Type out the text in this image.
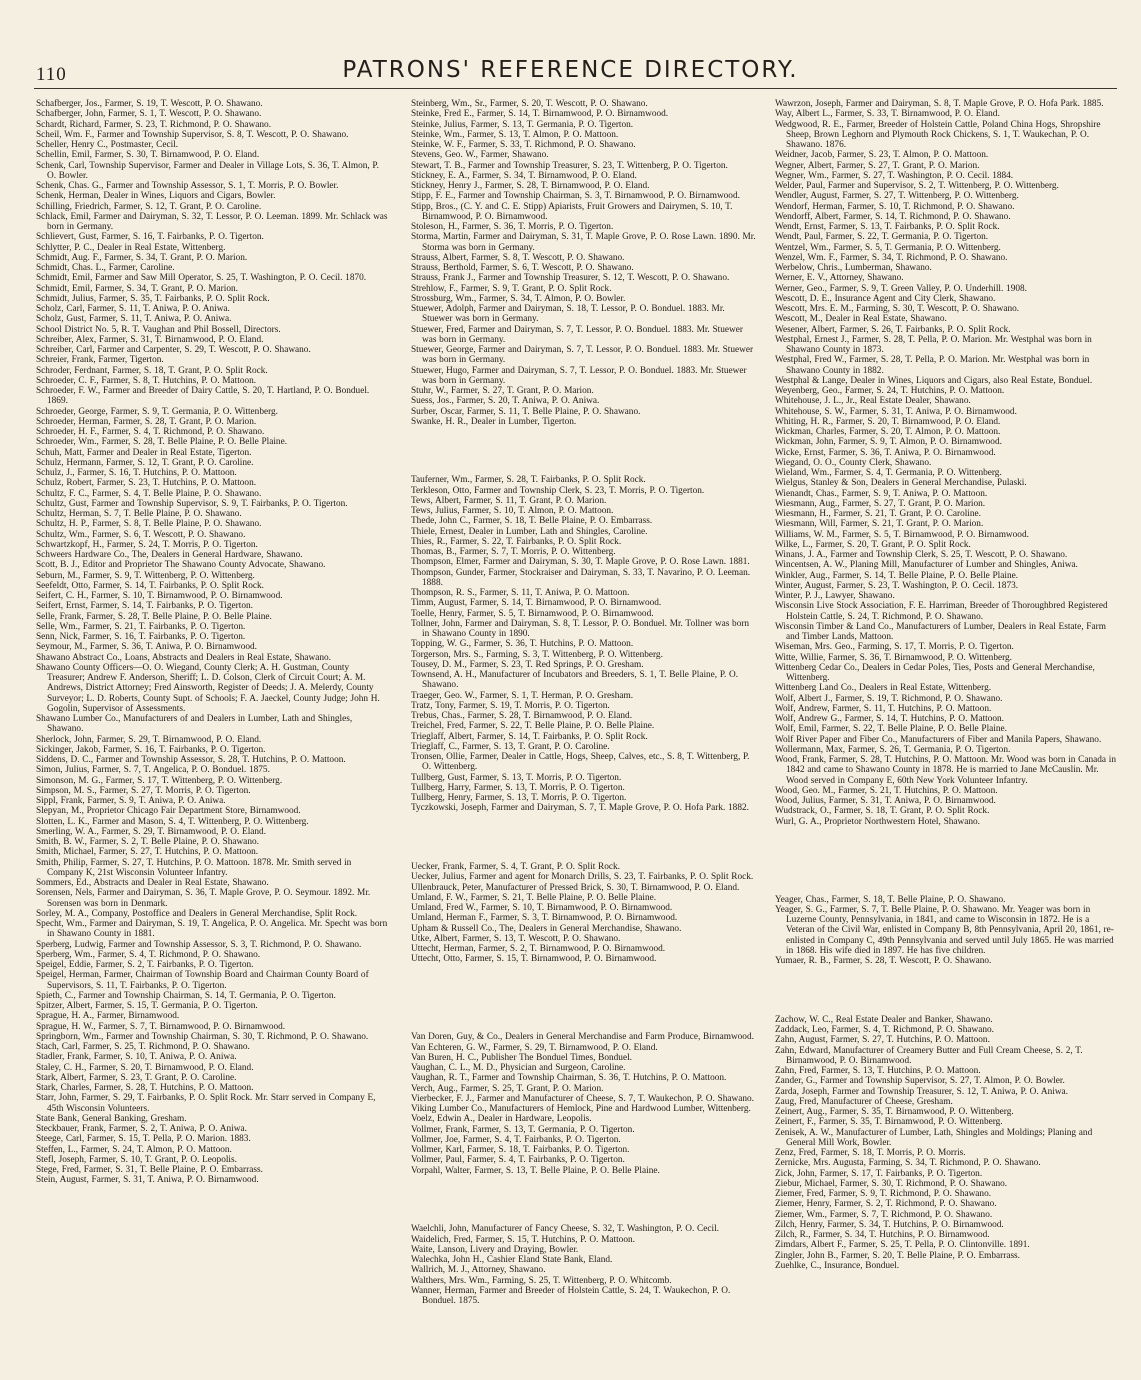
110	PATRONS' REFERENCE DIRECTORY.

Schafberger, Jos., Farmer, S. 19, T. Wescott, P. O. Shawano.

Schafberger, John, Farmer, S. 1, T. Wescott, P. O. Shawano.

Schardt, Richard, Farmer, S. 23, T. Richmond, P. O. Shawano.

Scheil, Wm. F., Farmer and Township Supervisor, S. 8, T. Wescott, P. O. Shawano.

Scheller, Henry C., Postmaster, Cecil.

Schellin, Emil, Farmer, S. 30, T. Birnamwood, P. O. Eland.

Schenk, Carl, Township Supervisor, Farmer and Dealer in Village Lots, S. 36, T. Almon, P. O. Bowler.

Schenk, Chas. G., Farmer and Township Assessor, S. 1, T. Morris, P. O. Bowler.

Schenk, Herman, Dealer in Wines, Liquors and Cigars, Bowler.

Schilling, Friedrich, Farmer, S. 12, T. Grant, P. O. Caroline.

Schlack, Emil, Farmer and Dairyman, S. 32, T. Lessor, P. O. Leeman. 1899. Mr. Schlack was born in Germany.

Schlievert, Gust, Farmer, S. 16, T. Fairbanks, P. O. Tigerton.

Schlytter, P. C., Dealer in Real Estate, Wittenberg.

Schmidt, Aug. F., Farmer, S. 34, T. Grant, P. O. Marion.

Schmidt, Chas. L., Farmer, Caroline.

Schmidt, Emil, Farmer and Saw Mill Operator, S. 25, T. Washington, P. O. Cecil. 1870.

Schmidt, Emil, Farmer, S. 34, T. Grant, P. O. Marion.

Schmidt, Julius, Farmer, S. 35, T. Fairbanks, P. O. Split Rock.

Scholz, Carl, Farmer, S. 11, T. Aniwa, P. O. Aniwa.

Scholz, Gust, Farmer, S. 11, T. Aniwa, P. O. Aniwa.

School District No. 5, R. T. Vaughan and Phil Bossell, Directors.

Schreiber, Alex, Farmer, S. 31, T. Birnamwood, P. O. Eland.

Schreiber, Carl, Farmer and Carpenter, S. 29, T. Wescott, P. O. Shawano.

Schreier, Frank, Farmer, Tigerton.

Schroder, Ferdnant, Farmer, S. 18, T. Grant, P. O. Split Rock.

Schroeder, C. F., Farmer, S. 8, T. Hutchins, P. O. Mattoon.

Schroeder, F. W., Farmer and Breeder of Dairy Cattle, S. 20, T. Hartland, P. O. Bonduel. 1869.

Schroeder, George, Farmer, S. 9, T. Germania, P. O. Wittenberg.

Schroeder, Herman, Farmer, S. 28, T. Grant, P. O. Marion.

Schroeder, H. F., Farmer, S. 4, T. Richmond, P. O. Shawano.

Schroeder, Wm., Farmer, S. 28, T. Belle Plaine, P. O. Belle Plaine.

Schuh, Matt, Farmer and Dealer in Real Estate, Tigerton.

Schulz, Hermann, Farmer, S. 12, T. Grant, P. O. Caroline.

Schulz, J., Farmer, S. 16, T. Hutchins, P. O. Mattoon.

Schulz, Robert, Farmer, S. 23, T. Hutchins, P. O. Mattoon.

Schultz, F. C., Farmer, S. 4, T. Belle Plaine, P. O. Shawano.

Schultz, Gust, Farmer and Township Supervisor, S. 9, T. Fairbanks, P. O. Tigerton.

Schultz, Herman, S. 7, T. Belle Plaine, P. O. Shawano.

Schultz, H. P., Farmer, S. 8, T. Belle Plaine, P. O. Shawano.

Schultz, Wm., Farmer, S. 6, T. Wescott, P. O. Shawano.

Schwartzkopf, H., Farmer, S. 24, T. Morris, P. O. Tigerton.

Schweers Hardware Co., The, Dealers in General Hardware, Shawano.

Scott, B. J., Editor and Proprietor The Shawano County Advocate, Shawano.

Seburn, M., Farmer, S. 9, T. Wittenberg, P. O. Wittenberg.

Seefeldt, Otto, Farmer, S. 14, T. Fairbanks, P. O. Split Rock.

Seifert, C. H., Farmer, S. 10, T. Birnamwood, P. O. Birnamwood.

Seifert, Ernst, Farmer, S. 14, T. Fairbanks, P. O. Tigerton.

Selle, Frank, Farmer, S. 28, T. Belle Plaine, P. O. Belle Plaine.

Selle, Wm., Farmer, S. 21, T. Fairbanks, P. O. Tigerton.

Senn, Nick, Farmer, S. 16, T. Fairbanks, P. O. Tigerton.

Seymour, M., Farmer, S. 36, T. Aniwa, P. O. Birnamwood.

Shawano Abstract Co., Loans, Abstracts and Dealers in Real Estate, Shawano.

Shawano County Officers—O. O. Wiegand, County Clerk; A. H. Gustman, County Treasurer; Andrew F. Anderson, Sheriff; L. D. Colson, Clerk of Circuit Court; A. M. Andrews, District Attorney; Fred Ainsworth, Register of Deeds; J. A. Melerdy, County Surveyor; L. D. Roberts, County Supt. of Schools; F. A. Jaeckel, County Judge; John H. Gogolin, Supervisor of Assessments.

Shawano Lumber Co., Manufacturers of and Dealers in Lumber, Lath and Shingles, Shawano.

Sherlock, John, Farmer, S. 29, T. Birnamwood, P. O. Eland.

Sickinger, Jakob, Farmer, S. 16, T. Fairbanks, P. O. Tigerton.

Siddens, D. C., Farmer and Township Assessor, S. 28, T. Hutchins, P. O. Mattoon.

Simon, Julius, Farmer, S. 7, T. Angelica, P. O. Bonduel. 1875.

Simonson, M. G., Farmer, S. 17, T. Wittenberg, P. O. Wittenberg.

Simpson, M. S., Farmer, S. 27, T. Morris, P. O. Tigerton.

Sippl, Frank, Farmer, S. 9, T. Aniwa, P. O. Aniwa.

Slepyan, M., Proprietor Chicago Fair Department Store, Birnamwood.

Slotten, L. K., Farmer and Mason, S. 4, T. Wittenberg, P. O. Wittenberg.

Smerling, W. A., Farmer, S. 29, T. Birnamwood, P. O. Eland.

Smith, B. W., Farmer, S. 2, T. Belle Plaine, P. O. Shawano.

Smith, Michael, Farmer, S. 27, T. Hutchins, P. O. Mattoon.

Smith, Philip, Farmer, S. 27, T. Hutchins, P. O. Mattoon. 1878. Mr. Smith served in Company K, 21st Wisconsin Volunteer Infantry.

Sommers, Ed., Abstracts and Dealer in Real Estate, Shawano.

Sorensen, Nels, Farmer and Dairyman, S. 36, T. Maple Grove, P. O. Seymour. 1892. Mr. Sorensen was born in Denmark.

Sorley, M. A., Company, Postoffice and Dealers in General Merchandise, Split Rock.

Specht, Wm., Farmer and Dairyman, S. 19, T. Angelica, P. O. Angelica. Mr. Specht was born in Shawano County in 1881.

Sperberg, Ludwig, Farmer and Township Assessor, S. 3, T. Richmond, P. O. Shawano.

Sperberg, Wm., Farmer, S. 4, T. Richmond, P. O. Shawano.

Speigel, Eddie, Farmer, S. 2, T. Fairbanks, P. O. Tigerton.

Speigel, Herman, Farmer, Chairman of Township Board and Chairman County Board of Supervisors, S. 11, T. Fairbanks, P. O. Tigerton.

Spieth, C., Farmer and Township Chairman, S. 14, T. Germania, P. O. Tigerton.

Spitzer, Albert, Farmer, S. 15, T. Germania, P. O. Tigerton.

Sprague, H. A., Farmer, Birnamwood.

Sprague, H. W., Farmer, S. 7, T. Birnamwood, P. O. Birnamwood.

Springborn, Wm., Farmer and Township Chairman, S. 30, T. Richmond, P. O. Shawano.

Stach, Carl, Farmer, S. 25, T. Richmond, P. O. Shawano.

Stadler, Frank, Farmer, S. 10, T. Aniwa, P. O. Aniwa.

Staley, C. H., Farmer, S. 20, T. Birnamwood, P. O. Eland.

Stark, Albert, Farmer, S. 23, T. Grant, P. O. Caroline.

Stark, Charles, Farmer, S. 28, T. Hutchins, P. O. Mattoon.

Starr, John, Farmer, S. 29, T. Fairbanks, P. O. Split Rock. Mr. Starr served in Company E, 45th Wisconsin Volunteers.

State Bank, General Banking, Gresham.

Steckbauer, Frank, Farmer, S. 2, T. Aniwa, P. O. Aniwa.

Steege, Carl, Farmer, S. 15, T. Pella, P. O. Marion. 1883.

Steffen, L., Farmer, S. 24, T. Almon, P. O. Mattoon.

Stefl, Joseph, Farmer, S. 10, T. Grant, P. O. Leopolis.

Stege, Fred, Farmer, S. 31, T. Belle Plaine, P. O. Embarrass.

Stein, August, Farmer, S. 31, T. Aniwa, P. O. Birnamwood.

Steinberg, Wm., Sr., Farmer, S. 20, T. Wescott, P. O. Shawano.

Steinke, Fred E., Farmer, S. 14, T. Birnamwood, P. O. Birnamwood.

Steinke, Julius, Farmer, S. 13, T. Germania, P. O. Tigerton.

Steinke, Wm., Farmer, S. 13, T. Almon, P. O. Mattoon.

Steinke, W. F., Farmer, S. 33, T. Richmond, P. O. Shawano.

Stevens, Geo. W., Farmer, Shawano.

Stewart, T. B., Farmer and Township Treasurer, S. 23, T. Wittenberg, P. O. Tigerton.

Stickney, E. A., Farmer, S. 34, T. Birnamwood, P. O. Eland.

Stickney, Henry J., Farmer, S. 28, T. Birnamwood, P. O. Eland.

Stipp, F. E., Farmer and Township Chairman, S. 3, T. Birnamwood, P. O. Birnamwood.

Stipp, Bros., (C. Y. and C. E. Stipp) Apiarists, Fruit Growers and Dairymen, S. 10, T. Birnamwood, P. O. Birnamwood.

Stoleson, H., Farmer, S. 36, T. Morris, P. O. Tigerton.

Storma, Martin, Farmer and Dairyman, S. 31, T. Maple Grove, P. O. Rose Lawn. 1890. Mr. Storma was born in Germany.

Strauss, Albert, Farmer, S. 8, T. Wescott, P. O. Shawano.

Strauss, Berthold, Farmer, S. 6, T. Wescott, P. O. Shawano.

Strauss, Frank J., Farmer and Township Treasurer, S. 12, T. Wescott, P. O. Shawano.

Strehlow, F., Farmer, S. 9, T. Grant, P. O. Split Rock.

Strossburg, Wm., Farmer, S. 34, T. Almon, P. O. Bowler.

Stuewer, Adolph, Farmer and Dairyman, S. 18, T. Lessor, P. O. Bonduel. 1883. Mr. Stuewer was born in Germany.

Stuewer, Fred, Farmer and Dairyman, S. 7, T. Lessor, P. O. Bonduel. 1883. Mr. Stuewer was born in Germany.

Stuewer, George, Farmer and Dairyman, S. 7, T. Lessor, P. O. Bonduel. 1883. Mr. Stuewer was born in Germany.

Stuewer, Hugo, Farmer and Dairyman, S. 7, T. Lessor, P. O. Bonduel. 1883. Mr. Stuewer was born in Germany.

Stuhr, W., Farmer, S. 27, T. Grant, P. O. Marion.

Suess, Jos., Farmer, S. 20, T. Aniwa, P. O. Aniwa.

Surber, Oscar, Farmer, S. 11, T. Belle Plaine, P. O. Shawano.

Swanke, H. R., Dealer in Lumber, Tigerton.

Tauferner, Wm., Farmer, S. 28, T. Fairbanks, P. O. Split Rock.

Terkleson, Otto, Farmer and Township Clerk, S. 23, T. Morris, P. O. Tigerton.

Tews, Albert, Farmer, S. 11, T. Grant, P. O. Marion.

Tews, Julius, Farmer, S. 10, T. Almon, P. O. Mattoon.

Thede, John C., Farmer, S. 18, T. Belle Plaine, P. O. Embarrass.

Thiele, Ernest, Dealer in Lumber, Lath and Shingles, Caroline.

Thies, R., Farmer, S. 22, T. Fairbanks, P. O. Split Rock.

Thomas, B., Farmer, S. 7, T. Morris, P. O. Wittenberg.

Thompson, Elmer, Farmer and Dairyman, S. 30, T. Maple Grove, P. O. Rose Lawn. 1881.

Thompson, Gunder, Farmer, Stockraiser and Dairyman, S. 33, T. Navarino, P. O. Leeman. 1888.

Thompson, R. S., Farmer, S. 11, T. Aniwa, P. O. Mattoon.

Timm, August, Farmer, S. 14, T. Birnamwood, P. O. Birnamwood.

Toelle, Henry, Farmer, S. 5, T. Birnamwood, P. O. Birnamwood.

Tollner, John, Farmer and Dairyman, S. 8, T. Lessor, P. O. Bonduel. Mr. Tollner was born in Shawano County in 1890.

Topping, W. G., Farmer, S. 36, T. Hutchins, P. O. Mattoon.

Torgerson, Mrs. S., Farming, S. 3, T. Wittenberg, P. O. Wittenberg.

Tousey, D. M., Farmer, S. 23, T. Red Springs, P. O. Gresham.

Townsend, A. H., Manufacturer of Incubators and Breeders, S. 1, T. Belle Plaine, P. O. Shawano.

Traeger, Geo. W., Farmer, S. 1, T. Herman, P. O. Gresham.

Tratz, Tony, Farmer, S. 19, T. Morris, P. O. Tigerton.

Trebus, Chas., Farmer, S. 28, T. Birnamwood, P. O. Eland.

Treichel, Fred, Farmer, S. 22, T. Belle Plaine, P. O. Belle Plaine.

Trieglaff, Albert, Farmer, S. 14, T. Fairbanks, P. O. Split Rock.

Trieglaff, C., Farmer, S. 13, T. Grant, P. O. Caroline.

Tronsen, Ollie, Farmer, Dealer in Cattle, Hogs, Sheep, Calves, etc., S. 8, T. Wittenberg, P. O. Wittenberg.

Tullberg, Gust, Farmer, S. 13, T. Morris, P. O. Tigerton.

Tullberg, Harry, Farmer, S. 13, T. Morris, P. O. Tigerton.

Tullberg, Henry, Farmer, S. 13, T. Morris, P. O. Tigerton.

Tyczkowski, Joseph, Farmer and Dairyman, S. 7, T. Maple Grove, P. O. Hofa Park. 1882.

Uecker, Frank, Farmer, S. 4, T. Grant, P. O. Split Rock.

Uecker, Julius, Farmer and agent for Monarch Drills, S. 23, T. Fairbanks, P. O. Split Rock.

Ullenbrauck, Peter, Manufacturer of Pressed Brick, S. 30, T. Birnamwood, P. O. Eland.

Umland, F. W., Farmer, S. 21, T. Belle Plaine, P. O. Belle Plaine.

Umland, Fred W., Farmer, S. 10, T. Birnamwood, P. O. Birnamwood.

Umland, Herman F., Farmer, S. 3, T. Birnamwood, P. O. Birnamwood.

Upham & Russell Co., The, Dealers in General Merchandise, Shawano.

Utke, Albert, Farmer, S. 13, T. Wescott, P. O. Shawano.

Uttecht, Herman, Farmer, S. 2, T. Birnamwood, P. O. Birnamwood.

Uttecht, Otto, Farmer, S. 15, T. Birnamwood, P. O. Birnamwood.

Van Doren, Guy, & Co., Dealers in General Merchandise and Farm Produce, Birnamwood.

Van Echteren, G. W., Farmer, S. 29, T. Birnamwood, P. O. Eland.

Van Buren, H. C., Publisher The Bonduel Times, Bonduel.

Vaughan, C. L., M. D., Physician and Surgeon, Caroline.

Vaughan, R. T., Farmer and Township Chairman, S. 36, T. Hutchins, P. O. Mattoon.

Verch, Aug., Farmer, S. 25, T. Grant, P. O. Marion.

Vierbecker, F. J., Farmer and Manufacturer of Cheese, S. 7, T. Waukechon, P. O. Shawano.

Viking Lumber Co., Manufacturers of Hemlock, Pine and Hardwood Lumber, Wittenberg.

Voelz, Edwin A., Dealer in Hardware, Leopolis.

Vollmer, Frank, Farmer, S. 13, T. Germania, P. O. Tigerton.

Vollmer, Joe, Farmer, S. 4, T. Fairbanks, P. O. Tigerton.

Vollmer, Karl, Farmer, S. 18, T. Fairbanks, P. O. Tigerton.

Vollmer, Paul, Farmer, S. 4, T. Fairbanks, P. O. Tigerton.

Vorpahl, Walter, Farmer, S. 13, T. Belle Plaine, P. O. Belle Plaine.

Waelchli, John, Manufacturer of Fancy Cheese, S. 32, T. Washington, P. O. Cecil.

Waidelich, Fred, Farmer, S. 15, T. Hutchins, P. O. Mattoon.

Waite, Lanson, Livery and Draying, Bowler.

Walechka, John H., Cashier Eland State Bank, Eland.

Wallrich, M. J., Attorney, Shawano.

Walthers, Mrs. Wm., Farming, S. 25, T. Wittenberg, P. O. Whitcomb.

Wanner, Herman, Farmer and Breeder of Holstein Cattle, S. 24, T. Waukechon, P. O. Bonduel. 1875.

Wawrzon, Joseph, Farmer and Dairyman, S. 8, T. Maple Grove, P. O. Hofa Park. 1885.

Way, Albert L., Farmer, S. 33, T. Birnamwood, P. O. Eland.

Wedgwood, R. E., Farmer, Breeder of Holstein Cattle, Poland China Hogs, Shropshire Sheep, Brown Leghorn and Plymouth Rock Chickens, S. 1, T. Waukechan, P. O. Shawano. 1876.

Weidner, Jacob, Farmer, S. 23, T. Almon, P. O. Mattoon.

Wegner, Albert, Farmer, S. 27, T. Grant, P. O. Marion.

Wegner, Wm., Farmer, S. 27, T. Washington, P. O. Cecil. 1884.

Welder, Paul, Farmer and Supervisor, S. 2, T. Wittenberg, P. O. Wittenberg.

Wendler, August, Farmer, S. 27, T. Wittenberg, P. O. Wittenberg.

Wendorf, Herman, Farmer, S. 10, T. Richmond, P. O. Shawano.

Wendorff, Albert, Farmer, S. 14, T. Richmond, P. O. Shawano.

Wendt, Ernst, Farmer, S. 13, T. Fairbanks, P. O. Split Rock.

Wendt, Paul, Farmer, S. 22, T. Germania, P. O. Tigerton.

Wentzel, Wm., Farmer, S. 5, T. Germania, P. O. Wittenberg.

Wenzel, Wm. F., Farmer, S. 34, T. Richmond, P. O. Shawano.

Werbelow, Chris., Lumberman, Shawano.

Werner, E. V., Attorney, Shawano.

Werner, Geo., Farmer, S. 9, T. Green Valley, P. O. Underhill. 1908.

Wescott, D. E., Insurance Agent and City Clerk, Shawano.

Wescott, Mrs. E. M., Farming, S. 30, T. Wescott, P. O. Shawano.

Wescott, M., Dealer in Real Estate, Shawano.

Wesener, Albert, Farmer, S. 26, T. Fairbanks, P. O. Split Rock.

Westphal, Ernest J., Farmer, S. 28, T. Pella, P. O. Marion. Mr. Westphal was born in Shawano County in 1873.

Westphal, Fred W., Farmer, S. 28, T. Pella, P. O. Marion. Mr. Westphal was born in Shawano County in 1882.

Westphal & Lange, Dealer in Wines, Liquors and Cigars, also Real Estate, Bonduel.

Weyenberg, Geo., Farmer, S. 24, T. Hutchins, P. O. Mattoon.

Whitehouse, J. L., Jr., Real Estate Dealer, Shawano.

Whitehouse, S. W., Farmer, S. 31, T. Aniwa, P. O. Birnamwood.

Whiting, H. R., Farmer, S. 20, T. Birnamwood, P. O. Eland.

Wickman, Charles, Farmer, S. 20, T. Almon, P. O. Mattoon.

Wickman, John, Farmer, S. 9, T. Almon, P. O. Birnamwood.

Wicke, Ernst, Farmer, S. 36, T. Aniwa, P. O. Birnamwood.

Wiegand, O. O., County Clerk, Shawano.

Wieland, Wm., Farmer, S. 4, T. Germania, P. O. Wittenberg.

Wielgus, Stanley & Son, Dealers in General Merchandise, Pulaski.

Wienandt, Chas., Farmer, S. 9, T. Aniwa, P. O. Mattoon.

Wiesmann, Aug., Farmer, S. 27, T. Grant, P. O. Marion.

Wiesmann, H., Farmer, S. 21, T. Grant, P. O. Caroline.

Wiesmann, Will, Farmer, S. 21, T. Grant, P. O. Marion.

Williams, W. M., Farmer, S. 5, T. Birnamwood, P. O. Birnamwood.

Wilke, L., Farmer, S. 20, T. Grant, P. O. Split Rock.

Winans, J. A., Farmer and Township Clerk, S. 25, T. Wescott, P. O. Shawano.

Wincentsen, A. W., Planing Mill, Manufacturer of Lumber and Shingles, Aniwa.

Winkler, Aug., Farmer, S. 14, T. Belle Plaine, P. O. Belle Plaine.

Winter, August, Farmer, S. 23, T. Washington, P. O. Cecil. 1873.

Winter, P. J., Lawyer, Shawano.

Wisconsin Live Stock Association, F. E. Harriman, Breeder of Thoroughbred Registered Holstein Cattle, S. 24, T. Richmond, P. O. Shawano.

Wisconsin Timber & Land Co., Manufacturers of Lumber, Dealers in Real Estate, Farm and Timber Lands, Mattoon.

Wiseman, Mrs. Geo., Farming, S. 17, T. Morris, P. O. Tigerton.

Witte, Willie, Farmer, S. 36, T. Birnamwood, P. O. Wittenberg.

Wittenberg Cedar Co., Dealers in Cedar Poles, Ties, Posts and General Merchandise, Wittenberg.

Wittenberg Land Co., Dealers in Real Estate, Wittenberg.

Wolf, Albert J., Farmer, S. 19, T. Richmond, P. O. Shawano.

Wolf, Andrew, Farmer, S. 11, T. Hutchins, P. O. Mattoon.

Wolf, Andrew G., Farmer, S. 14, T. Hutchins, P. O. Mattoon.

Wolf, Emil, Farmer, S. 22, T. Belle Plaine, P. O. Belle Plaine.

Wolf River Paper and Fiber Co., Manufacturers of Fiber and Manila Papers, Shawano.

Wollermann, Max, Farmer, S. 26, T. Germania, P. O. Tigerton.

Wood, Frank, Farmer, S. 28, T. Hutchins, P. O. Mattoon. Mr. Wood was born in Canada in 1842 and came to Shawano County in 1878. He is married to Jane McCauslin. Mr. Wood served in Company E, 60th New York Volunteer Infantry.

Wood, Geo. M., Farmer, S. 21, T. Hutchins, P. O. Mattoon.

Wood, Julius, Farmer, S. 31, T. Aniwa, P. O. Birnamwood.

Wudstrack, O., Farmer, S. 18, T. Grant, P. O. Split Rock.

Wurl, G. A., Proprietor Northwestern Hotel, Shawano.

Yeager, Chas., Farmer, S. 18, T. Belle Plaine, P. O. Shawano.

Yeager, S. G., Farmer, S. 7, T. Belle Plaine, P. O. Shawano. Mr. Yeager was born in Luzerne County, Pennsylvania, in 1841, and came to Wisconsin in 1872. He is a Veteran of the Civil War, enlisted in Company B, 8th Pennsylvania, April 20, 1861, re-enlisted in Company C, 49th Pennsylvania and served until July 1865. He was married in 1868. His wife died in 1897. He has five children.

Yumaer, R. B., Farmer, S. 28, T. Wescott, P. O. Shawano.

Zachow, W. C., Real Estate Dealer and Banker, Shawano.

Zaddack, Leo, Farmer, S. 4, T. Richmond, P. O. Shawano.

Zahn, August, Farmer, S. 27, T. Hutchins, P. O. Mattoon.

Zahn, Edward, Manufacturer of Creamery Butter and Full Cream Cheese, S. 2, T. Birnamwood, P. O. Birnamwood.

Zahn, Fred, Farmer, S. 13, T. Hutchins, P. O. Mattoon.

Zander, G., Farmer and Township Supervisor, S. 27, T. Almon, P. O. Bowler.

Zarda, Joseph, Farmer and Township Treasurer, S. 12, T. Aniwa, P. O. Aniwa.

Zaug, Fred, Manufacturer of Cheese, Gresham.

Zeinert, Aug., Farmer, S. 35, T. Birnamwood, P. O. Wittenberg.

Zeinert, F., Farmer, S. 35, T. Birnamwood, P. O. Wittenberg.

Zenisek, A. W., Manufacturer of Lumber, Lath, Shingles and Moldings; Planing and General Mill Work, Bowler.

Zenz, Fred, Farmer, S. 18, T. Morris, P. O. Morris.

Zernicke, Mrs. Augusta, Farming, S. 34, T. Richmond, P. O. Shawano.

Zick, John, Farmer, S. 17, T. Fairbanks, P. O. Tigerton.

Ziebur, Michael, Farmer, S. 30, T. Richmond, P. O. Shawano.

Ziemer, Fred, Farmer, S. 9, T. Richmond, P. O. Shawano.

Ziemer, Henry, Farmer, S. 2, T. Richmond, P. O. Shawano.

Ziemer, Wm., Farmer, S. 7, T. Richmond, P. O. Shawano.

Zilch, Henry, Farmer, S. 34, T. Hutchins, P. O. Birnamwood.

Zilch, R., Farmer, S. 34, T. Hutchins, P. O. Birnamwood.

Zimdars, Albert F., Farmer, S. 25, T. Pella, P. O. Clintonville. 1891.

Zingler, John B., Farmer, S. 20, T. Belle Plaine, P. O. Embarrass.

Zuehlke, C., Insurance, Bonduel.
